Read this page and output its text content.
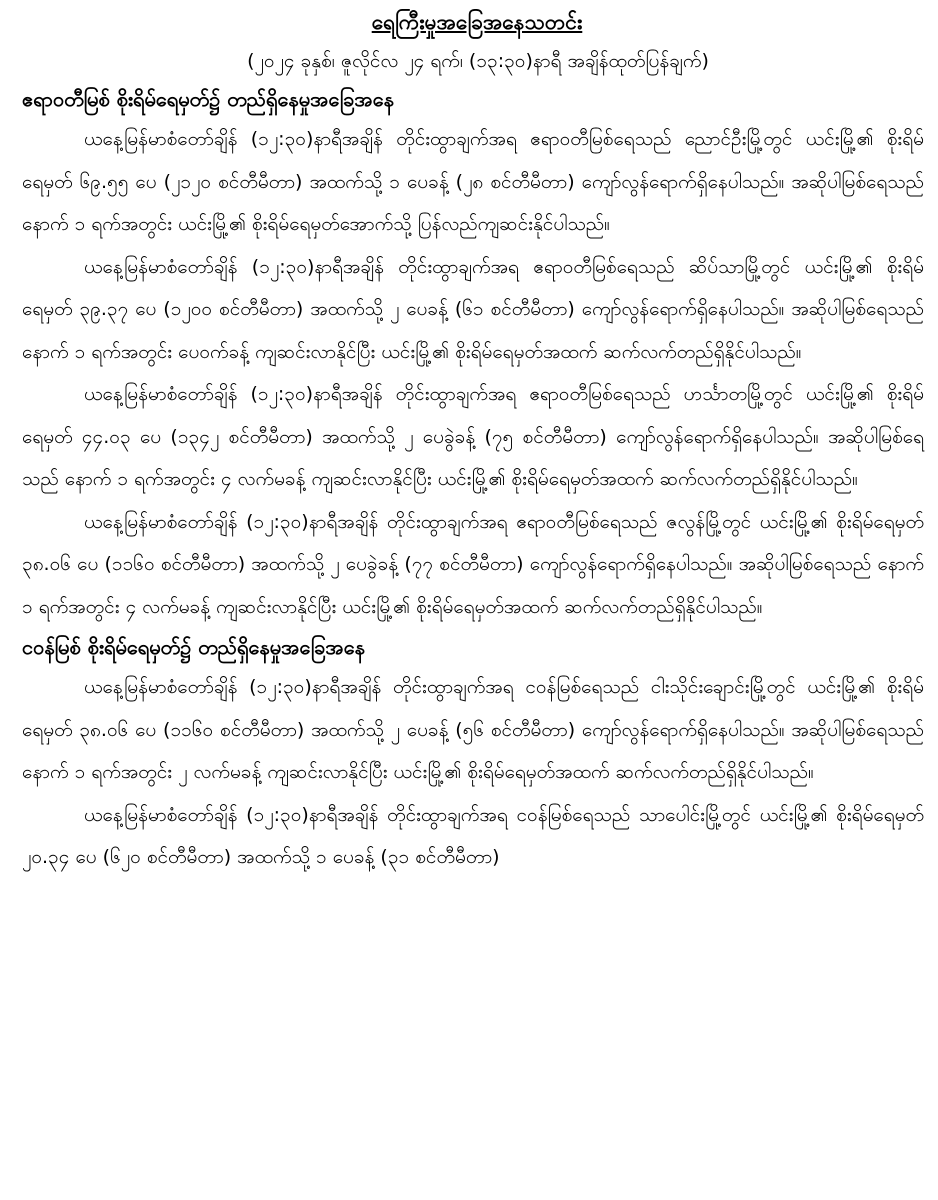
ရေကြီးမှုအခြေအနေသတင်း

(၂၀၂၄ ခုနှစ်၊ ဇူလိုင်လ ၂၄ ရက်၊ (၁၃:၃၀)နာရီ အချိန်ထုတ်ပြန်ချက်)

ဧရာဝတီမြစ် စိုးရိမ်ရေမှတ်၌ တည်ရှိနေမှုအခြေအနေ

ယနေ့မြန်မာစံတော်ချိန် (၁၂:၃၀)နာရီအချိန် တိုင်းထွာချက်အရ ဧရာဝတီမြစ်ရေသည် ညောင်ဦးမြို့တွင် ယင်းမြို့၏ စိုးရိမ်ရေမှတ် ၆၉.၅၅ ပေ (၂၁၂၀ စင်တီမီတာ) အထက်သို့ ၁ ပေခန့် (၂၈ စင်တီမီတာ) ကျော်လွန်ရောက်ရှိနေပါသည်။ အဆိုပါမြစ်ရေသည် နောက် ၁ ရက်အတွင်း ယင်းမြို့၏ စိုးရိမ်ရေမှတ်အောက်သို့ ပြန်လည်ကျဆင်းနိုင်ပါသည်။

ယနေ့မြန်မာစံတော်ချိန် (၁၂:၃၀)နာရီအချိန် တိုင်းထွာချက်အရ ဧရာဝတီမြစ်ရေသည် ဆိပ်သာမြို့တွင် ယင်းမြို့၏ စိုးရိမ်ရေမှတ် ၃၉.၃၇ ပေ (၁၂၀၀ စင်တီမီတာ) အထက်သို့ ၂ ပေခန့် (၆၁ စင်တီမီတာ) ကျော်လွန်ရောက်ရှိနေပါသည်။ အဆိုပါမြစ်ရေသည် နောက် ၁ ရက်အတွင်း ပေဝက်ခန့် ကျဆင်းလာနိုင်ပြီး ယင်းမြို့၏ စိုးရိမ်ရေမှတ်အထက် ဆက်လက်တည်ရှိနိုင်ပါသည်။

ယနေ့မြန်မာစံတော်ချိန် (၁၂:၃၀)နာရီအချိန် တိုင်းထွာချက်အရ ဧရာဝတီမြစ်ရေသည် ဟင်္သာတမြို့တွင် ယင်းမြို့၏ စိုးရိမ်ရေမှတ် ၄၄.၀၃ ပေ (၁၃၄၂ စင်တီမီတာ) အထက်သို့ ၂ ပေခွဲခန့် (၇၅ စင်တီမီတာ) ကျော်လွန်ရောက်ရှိနေပါသည်။ အဆိုပါမြစ်ရေသည် နောက် ၁ ရက်အတွင်း ၄ လက်မခန့် ကျဆင်းလာနိုင်ပြီး ယင်းမြို့၏ စိုးရိမ်ရေမှတ်အထက် ဆက်လက်တည်ရှိနိုင်ပါသည်။

ယနေ့မြန်မာစံတော်ချိန် (၁၂:၃၀)နာရီအချိန် တိုင်းထွာချက်အရ ဧရာဝတီမြစ်ရေသည် ဇလွန်မြို့တွင် ယင်းမြို့၏ စိုးရိမ်ရေမှတ် ၃၈.၀၆ ပေ (၁၁၆၀ စင်တီမီတာ) အထက်သို့ ၂ ပေခွဲခန့် (၇၇ စင်တီမီတာ) ကျော်လွန်ရောက်ရှိနေပါသည်။ အဆိုပါမြစ်ရေသည် နောက် ၁ ရက်အတွင်း ၄ လက်မခန့် ကျဆင်းလာနိုင်ပြီး ယင်းမြို့၏ စိုးရိမ်ရေမှတ်အထက် ဆက်လက်တည်ရှိနိုင်ပါသည်။

ငဝန်မြစ် စိုးရိမ်ရေမှတ်၌ တည်ရှိနေမှုအခြေအနေ

ယနေ့မြန်မာစံတော်ချိန် (၁၂:၃၀)နာရီအချိန် တိုင်းထွာချက်အရ ငဝန်မြစ်ရေသည် ငါးသိုင်းချောင်းမြို့တွင် ယင်းမြို့၏ စိုးရိမ်ရေမှတ် ၃၈.၀၆ ပေ (၁၁၆၀ စင်တီမီတာ) အထက်သို့ ၂ ပေခန့် (၅၆ စင်တီမီတာ) ကျော်လွန်ရောက်ရှိနေပါသည်။ အဆိုပါမြစ်ရေသည် နောက် ၁ ရက်အတွင်း ၂ လက်မခန့် ကျဆင်းလာနိုင်ပြီး ယင်းမြို့၏ စိုးရိမ်ရေမှတ်အထက် ဆက်လက်တည်ရှိနိုင်ပါသည်။

ယနေ့မြန်မာစံတော်ချိန် (၁၂:၃၀)နာရီအချိန် တိုင်းထွာချက်အရ ငဝန်မြစ်ရေသည် သာပေါင်းမြို့တွင် ယင်းမြို့၏ စိုးရိမ်ရေမှတ် ၂၀.၃၄ ပေ (၆၂၀ စင်တီမီတာ) အထက်သို့ ၁ ပေခန့် (၃၁ စင်တီမီတာ)
